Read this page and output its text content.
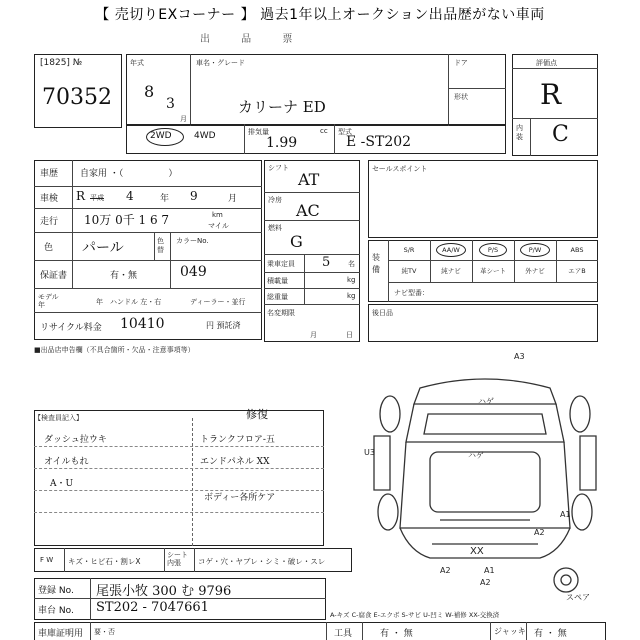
【 売切りEXコーナー 】 過去1年以上オークション出品歴がない車両
出 品 票
[1825] №
70352
年式
8
3
月
車名・グレード
カリーナ ED
ドア
形状
2WD 4WD	排気量	cc
1.99
型式
E -ST202
評価点
R
内装 C
車歴 自家用 ・（　　　　　）
車検 R 平成 4	年 9	月
走行 10万 0千 1 6 7	km
マイル
色 パール	色替
カラーNo.
保証書	有・無	049
モデル年	年 ハンドル 左・右	ディーラー・並行
リサイクル料金 10410	円 預託済
シフト
AT
冷房
AC
燃料
G
乗車定員 5	名
積載量	kg
総重量	kg
名変期限
月	日
セールスポイント
装備
S/R	AA/W	P/S	P/W	ABS
純TV	純ナビ	革シート	外ナビ	エアB
ナビ型番：
後日品
■出品店申告欄（不具合箇所・欠品・注意事項等）
【検査員記入】
ダッシュ拉ウキ
オイルもれ
A・U
修復
トランクフロア-五
エンドパネル XX
ボディー各所ケア
F W キズ・ヒビ石・割レX
シート内張	コゲ・穴・ヤブレ・シミ・破レ・スレ
登録 No. 尾張小牧 300 む 9796
車台 No. ST202 - 7047661
車庫証明用 要・否	工具	有 ・ 無	ジャッキ 有 ・ 無
A-キズ C-腐食 E-エクボ S-サビ U-凹ミ W-補修 XX-交換済
A3
U3
A2
A1
A2	A1
A2
XX
ハゲ
ハゲ
スペア
